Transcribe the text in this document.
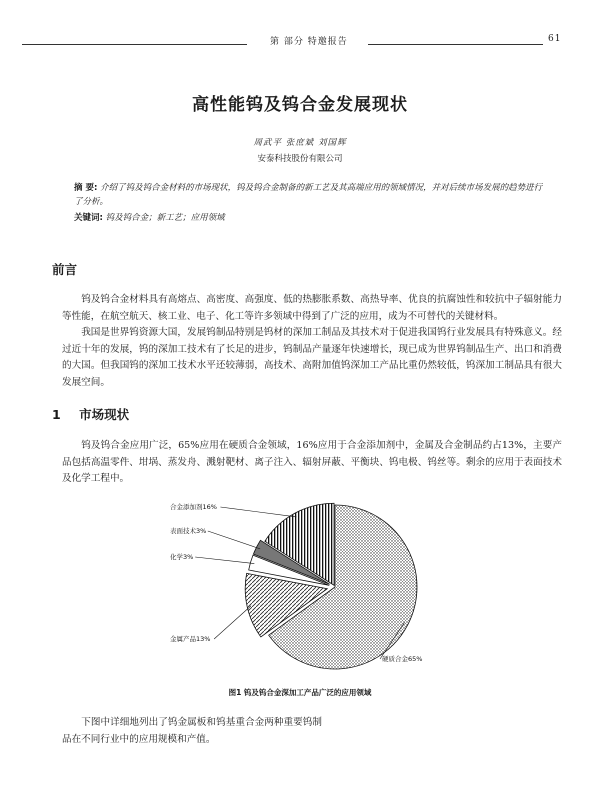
第 部分 特邀报告	61
高性能钨及钨合金发展现状
周武平 张庶斌 刘国辉
安泰科技股份有限公司
摘 要: 介绍了钨及钨合金材料的市场现状，钨及钨合金制备的新工艺及其高端应用的领域情况，并对后续市场发展的趋势进行了分析。
关键词: 钨及钨合金；新工艺；应用领域
前言

钨及钨合金材料具有高熔点、高密度、高强度、低的热膨胀系数、高热导率、优良的抗腐蚀性和较抗中子辐射能力等性能，在航空航天、核工业、电子、化工等许多领域中得到了广泛的应用，成为不可替代的关键材料。

我国是世界钨资源大国，发展钨制品特别是钨材的深加工制品及其技术对于促进我国钨行业发展具有特殊意义。经过近十年的发展，钨的深加工技术有了长足的进步，钨制品产量逐年快速增长，现已成为世界钨制品生产、出口和消费的大国。但我国钨的深加工技术水平还较薄弱，高技术、高附加值钨深加工产品比重仍然较低，钨深加工制品具有很大发展空间。

1 市场现状

钨及钨合金应用广泛，65%应用在硬质合金领域，16%应用于合金添加剂中，金属及合金制品约占13%，主要产品包括高温零件、坩埚、蒸发舟、溅射靶材、离子注入、辐射屏蔽、平衡块、钨电极、钨丝等。剩余的应用于表面技术及化学工程中。

硬质合金65%
金属产品13%
化学3%
表面技术3%
合金添加剂16%
图1 钨及钨合金深加工产品广泛的应用领域

下图中详细地列出了钨金属板和钨基重合金两种重要钨制品在不同行业中的应用规模和产值。
